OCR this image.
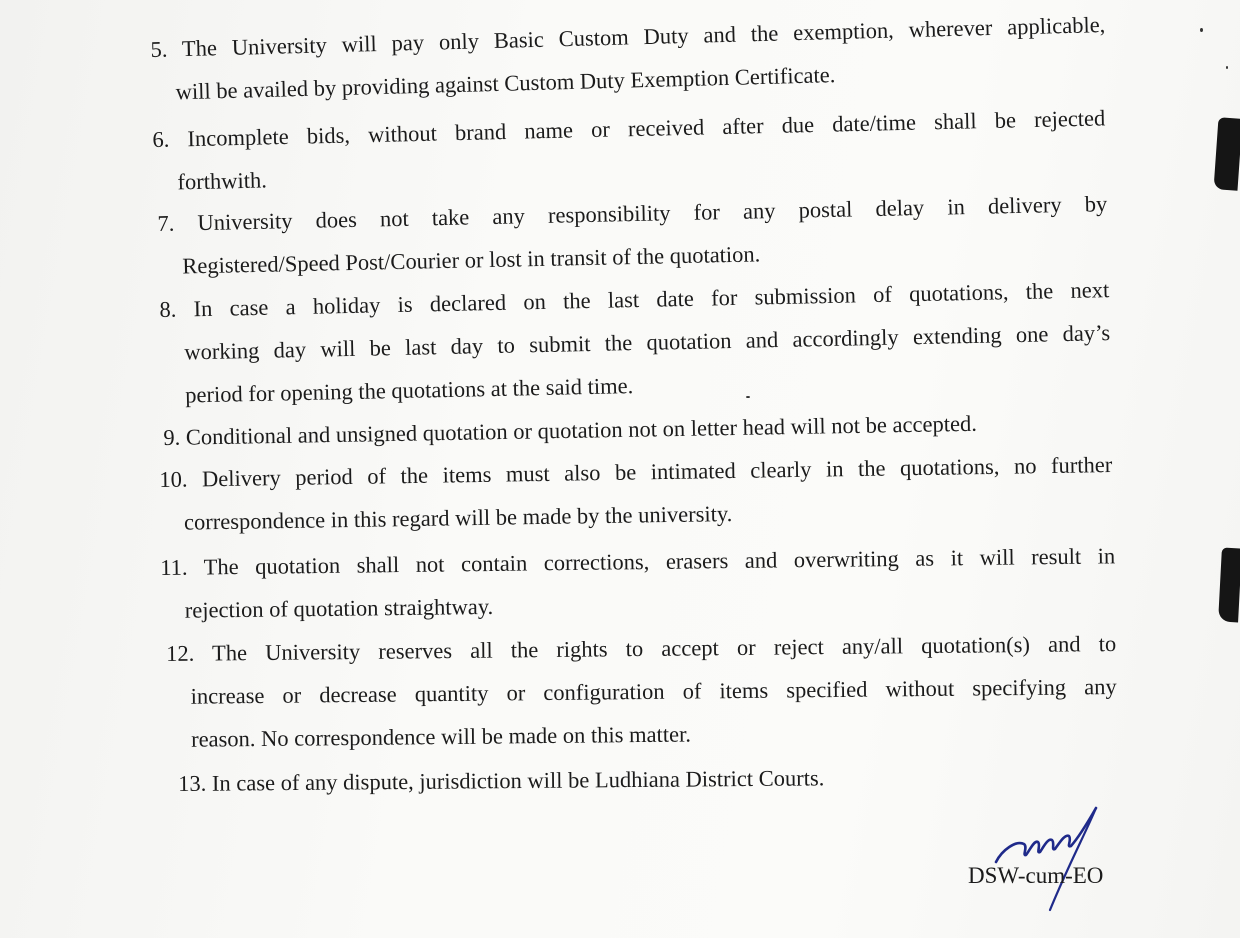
5. The University will pay only Basic Custom Duty and the exemption, wherever applicable,
will be availed by providing against Custom Duty Exemption Certificate.
6. Incomplete bids, without brand name or received after due date/time shall be rejected
forthwith.
7. University does not take any responsibility for any postal delay in delivery by
Registered/Speed Post/Courier or lost in transit of the quotation.
8. In case a holiday is declared on the last date for submission of quotations, the next
working day will be last day to submit the quotation and accordingly extending one day’s
period for opening the quotations at the said time.
9. Conditional and unsigned quotation or quotation not on letter head will not be accepted.
10. Delivery period of the items must also be intimated clearly in the quotations, no further
correspondence in this regard will be made by the university.
11. The quotation shall not contain corrections, erasers and overwriting as it will result in
rejection of quotation straightway.
12. The University reserves all the rights to accept or reject any/all quotation(s) and to
increase or decrease quantity or configuration of items specified without specifying any
reason. No correspondence will be made on this matter.
13. In case of any dispute, jurisdiction will be Ludhiana District Courts.
DSW-cum-EO
